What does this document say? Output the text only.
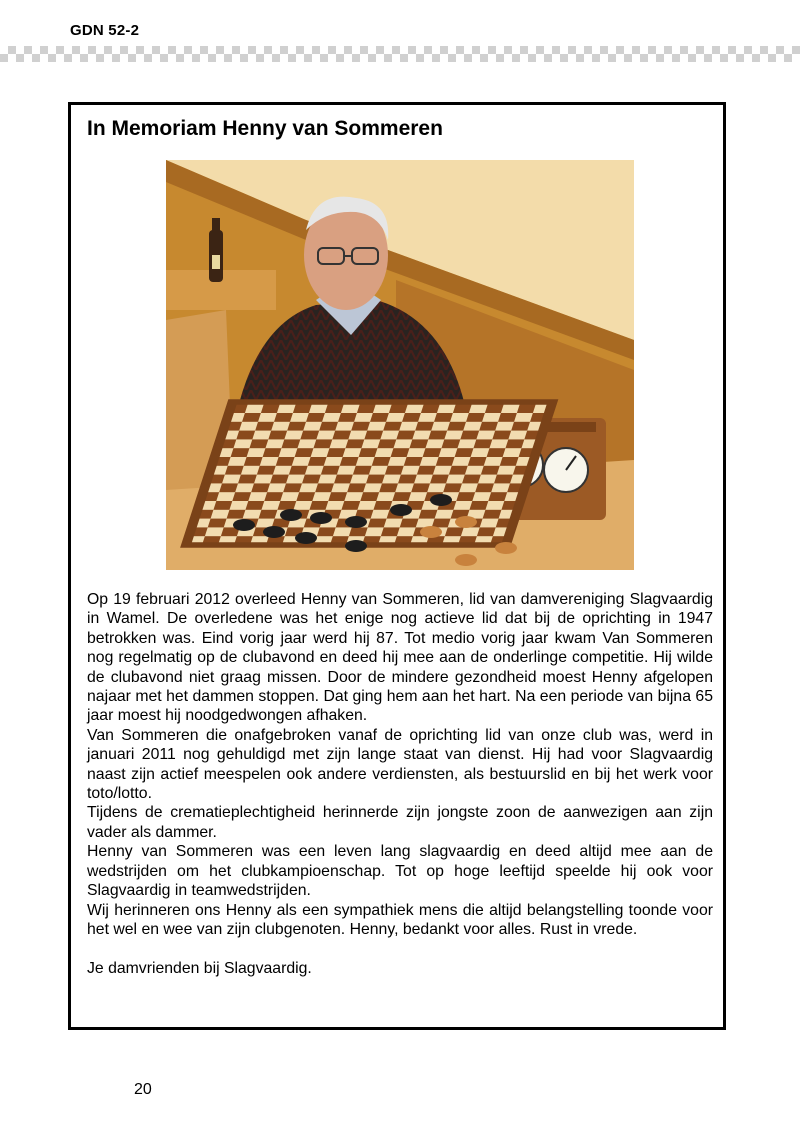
GDN 52-2
In Memoriam Henny van Sommeren

Op 19 februari 2012 overleed Henny van Sommeren, lid van damvereniging Slagvaardig in Wamel. De overledene was het enige nog actieve lid dat bij de oprichting in 1947 betrokken was. Eind vorig jaar werd hij 87. Tot medio vorig jaar kwam Van Sommeren nog regelmatig op de clubavond en deed hij mee aan de onderlinge competitie. Hij wilde de clubavond niet graag missen. Door de mindere gezondheid moest Henny afgelopen najaar met het dammen stoppen. Dat ging hem aan het hart. Na een periode van bijna 65 jaar moest hij noodgedwongen afhaken.

Van Sommeren die onafgebroken vanaf de oprichting lid van onze club was, werd in januari 2011 nog gehuldigd met zijn lange staat van dienst. Hij had voor Slagvaardig naast zijn actief meespelen ook andere verdiensten, als bestuurslid en bij het werk voor toto/lotto.

Tijdens de crematieplechtigheid herinnerde zijn jongste zoon de aanwezigen aan zijn vader als dammer.

Henny van Sommeren was een leven lang slagvaardig en deed altijd mee aan de wedstrijden om het clubkampioenschap. Tot op hoge leeftijd speelde hij ook voor Slagvaardig in teamwedstrijden.

Wij herinneren ons Henny als een sympathiek mens die altijd belangstelling toonde voor het wel en wee van zijn clubgenoten. Henny, bedankt voor alles. Rust in vrede.

Je damvrienden bij Slagvaardig.

20
